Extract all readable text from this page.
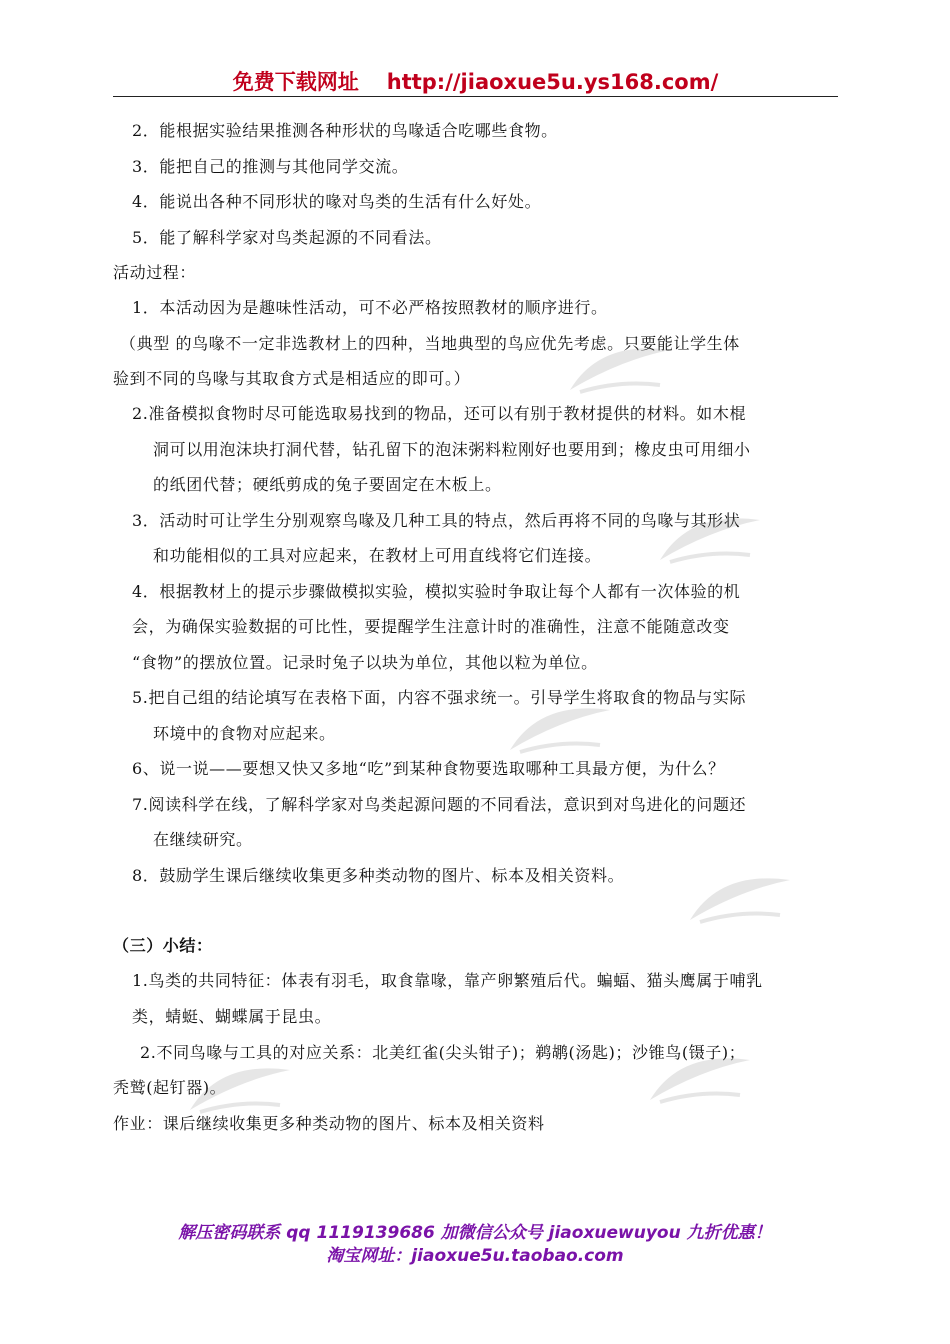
免费下载网址 http://jiaoxue5u.ys168.com/
2．能根据实验结果推测各种形状的鸟喙适合吃哪些食物。
3．能把自己的推测与其他同学交流。
4．能说出各种不同形状的喙对鸟类的生活有什么好处。
5．能了解科学家对鸟类起源的不同看法。
活动过程：
1．本活动因为是趣味性活动，可不必严格按照教材的顺序进行。
（典型 的鸟喙不一定非选教材上的四种，当地典型的鸟应优先考虑。只要能让学生体
验到不同的鸟喙与其取食方式是相适应的即可。）
2.准备模拟食物时尽可能选取易找到的物品，还可以有别于教材提供的材料。如木棍
洞可以用泡沫块打洞代替，钻孔留下的泡沫粥料粒刚好也要用到；橡皮虫可用细小
的纸团代替；硬纸剪成的兔子要固定在木板上。
3．活动时可让学生分别观察鸟喙及几种工具的特点，然后再将不同的鸟喙与其形状
和功能相似的工具对应起来，在教材上可用直线将它们连接。
4．根据教材上的提示步骤做模拟实验，模拟实验时争取让每个人都有一次体验的机
会，为确保实验数据的可比性，要提醒学生注意计时的准确性，注意不能随意改变
“食物”的摆放位置。记录时兔子以块为单位，其他以粒为单位。
5.把自己组的结论填写在表格下面，内容不强求统一。引导学生将取食的物品与实际
环境中的食物对应起来。
6、说一说——要想又快又多地“吃”到某种食物要选取哪种工具最方便，为什么？
7.阅读科学在线，了解科学家对鸟类起源问题的不同看法，意识到对鸟进化的问题还
在继续研究。
8．鼓励学生课后继续收集更多种类动物的图片、标本及相关资料。
（三）小结：
1.鸟类的共同特征：体表有羽毛，取食靠喙，靠产卵繁殖后代。蝙蝠、猫头鹰属于哺乳
类，蜻蜓、蝴蝶属于昆虫。
2.不同鸟喙与工具的对应关系：北美红雀(尖头钳子)；鹈鹕(汤匙)；沙锥鸟(镊子)；
秃鹫(起钉器)。
作业：课后继续收集更多种类动物的图片、标本及相关资料
解压密码联系 qq 1119139686 加微信公众号 jiaoxuewuyou 九折优惠！
淘宝网址：jiaoxue5u.taobao.com
